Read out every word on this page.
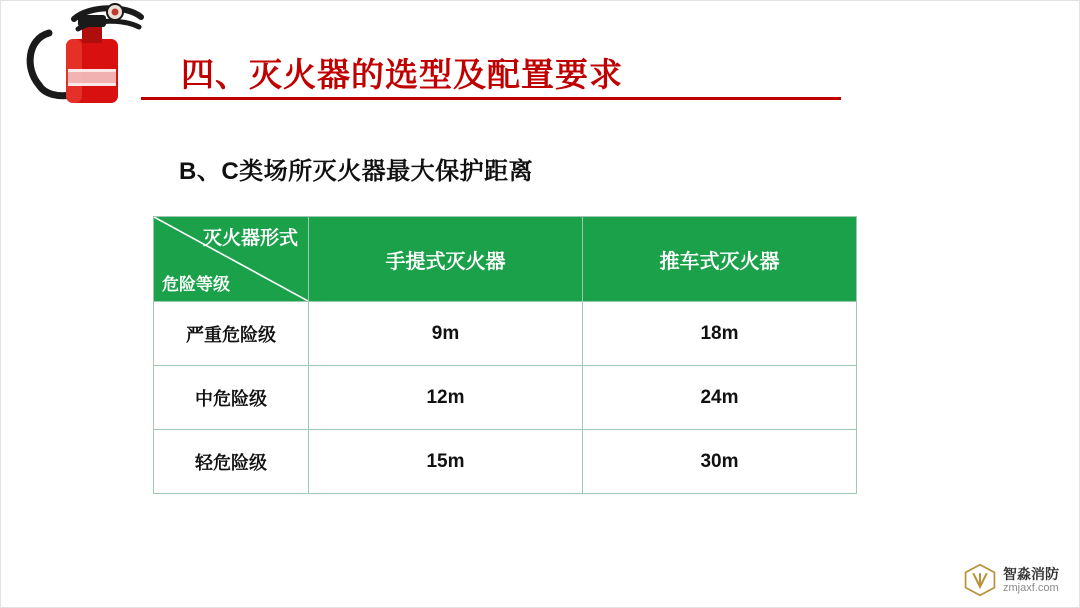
四、灭火器的选型及配置要求
B、C类场所灭火器最大保护距离
灭火器形式
危险等级	手提式灭火器	推车式灭火器
严重危险级	9m	18m
中危险级	12m	24m
轻危险级	15m	30m
智淼消防
zmjaxf.com
